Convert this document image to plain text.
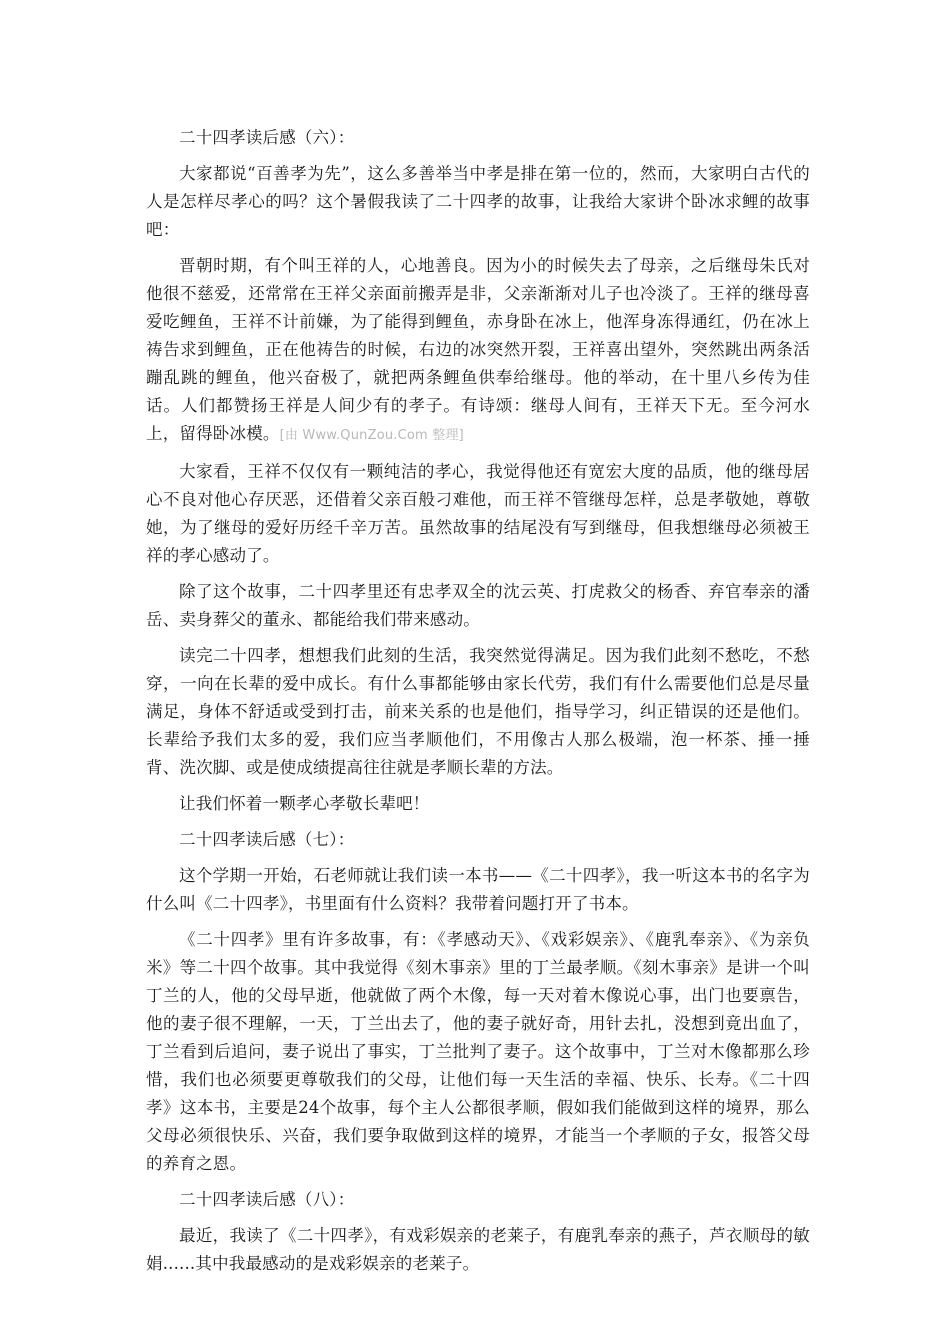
二十四孝读后感（六）：

大家都说“百善孝为先”，这么多善举当中孝是排在第一位的，然而，大家明白古代的人是怎样尽孝心的吗？这个暑假我读了二十四孝的故事，让我给大家讲个卧冰求鲤的故事吧：

晋朝时期，有个叫王祥的人，心地善良。因为小的时候失去了母亲，之后继母朱氏对他很不慈爱，还常常在王祥父亲面前搬弄是非，父亲渐渐对儿子也冷淡了。王祥的继母喜爱吃鲤鱼，王祥不计前嫌，为了能得到鲤鱼，赤身卧在冰上，他浑身冻得通红，仍在冰上祷告求到鲤鱼，正在他祷告的时候，右边的冰突然开裂，王祥喜出望外，突然跳出两条活蹦乱跳的鲤鱼，他兴奋极了，就把两条鲤鱼供奉给继母。他的举动，在十里八乡传为佳话。人们都赞扬王祥是人间少有的孝子。有诗颂：继母人间有，王祥天下无。至今河水上，留得卧冰模。[由 Www.QunZou.Com 整理]

大家看，王祥不仅仅有一颗纯洁的孝心，我觉得他还有宽宏大度的品质，他的继母居心不良对他心存厌恶，还借着父亲百般刁难他，而王祥不管继母怎样，总是孝敬她，尊敬她，为了继母的爱好历经千辛万苦。虽然故事的结尾没有写到继母，但我想继母必须被王祥的孝心感动了。

除了这个故事，二十四孝里还有忠孝双全的沈云英、打虎救父的杨香、弃官奉亲的潘岳、卖身葬父的董永、都能给我们带来感动。

读完二十四孝，想想我们此刻的生活，我突然觉得满足。因为我们此刻不愁吃，不愁穿，一向在长辈的爱中成长。有什么事都能够由家长代劳，我们有什么需要他们总是尽量满足，身体不舒适或受到打击，前来关系的也是他们，指导学习，纠正错误的还是他们。长辈给予我们太多的爱，我们应当孝顺他们，不用像古人那么极端，泡一杯茶、捶一捶背、洗次脚、或是使成绩提高往往就是孝顺长辈的方法。

让我们怀着一颗孝心孝敬长辈吧！

二十四孝读后感（七）：

这个学期一开始，石老师就让我们读一本书——《二十四孝》，我一听这本书的名字为什么叫《二十四孝》，书里面有什么资料？我带着问题打开了书本。

《二十四孝》里有许多故事，有：《孝感动天》、《戏彩娱亲》、《鹿乳奉亲》、《为亲负米》等二十四个故事。其中我觉得《刻木事亲》里的丁兰最孝顺。《刻木事亲》是讲一个叫丁兰的人，他的父母早逝，他就做了两个木像，每一天对着木像说心事，出门也要禀告，他的妻子很不理解，一天，丁兰出去了，他的妻子就好奇，用针去扎，没想到竟出血了，丁兰看到后追问，妻子说出了事实，丁兰批判了妻子。这个故事中，丁兰对木像都那么珍惜，我们也必须要更尊敬我们的父母，让他们每一天生活的幸福、快乐、长寿。《二十四孝》这本书，主要是24个故事，每个主人公都很孝顺，假如我们能做到这样的境界，那么父母必须很快乐、兴奋，我们要争取做到这样的境界，才能当一个孝顺的子女，报答父母的养育之恩。

二十四孝读后感（八）：

最近，我读了《二十四孝》，有戏彩娱亲的老莱子，有鹿乳奉亲的燕子，芦衣顺母的敏娟......其中我最感动的是戏彩娱亲的老莱子。
